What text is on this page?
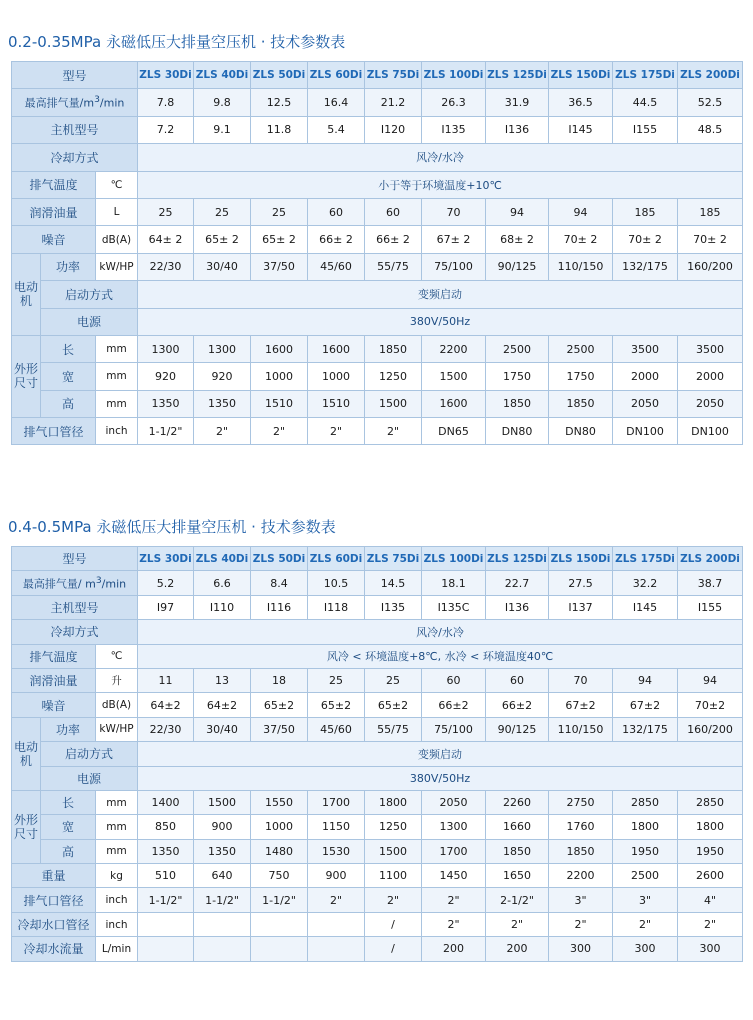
0.2-0.35MPa 永磁低压大排量空压机 · 技术参数表
型号			ZLS 30Di	ZLS 40Di	ZLS 50Di	ZLS 60Di	ZLS 75Di	ZLS 100Di	ZLS 125Di	ZLS 150Di	ZLS 175Di	ZLS 200Di
最高排气量$/m^3/\min$			7.8	9.8	12.5	16.4	21.2	26.3	31.9	36.5	44.5	52.5
主机型号			7.2	9.1	11.8	5.4	I120	I135	I136	I145	I155	48.5
冷却方式			风冷/水冷									
排气温度		℃	小于等于环境温度+10℃									
润滑油量		L	25	25	25	60	60	70	94	94	185	185
噪音		dB(A)	64± 2	65± 2	65± 2	66± 2	66± 2	67± 2	68± 2	70± 2	70± 2	70± 2
电动机	功率	kW/HP	22/30	30/40	37/50	45/60	55/75	75/100	90/125	110/150	132/175	160/200
	启动方式		变频启动									
	电源		380V/50Hz									
外形尺寸	长	mm	1300	1300	1600	1600	1850	2200	2500	2500	3500	3500
	宽	mm	920	920	1000	1000	1250	1500	1750	1750	2000	2000
	高	mm	1350	1350	1510	1510	1500	1600	1850	1850	2050	2050
排气口管径		inch	1-1/2"	2"	2"	2"	2"	DN65	DN80	DN80	DN100	DN100
0.4-0.5MPa 永磁低压大排量空压机 · 技术参数表
型号			ZLS 30Di	ZLS 40Di	ZLS 50Di	ZLS 60Di	ZLS 75Di	ZLS 100Di	ZLS 125Di	ZLS 150Di	ZLS 175Di	ZLS 200Di
最高排气量/ $m^3/\min$			5.2	6.6	8.4	10.5	14.5	18.1	22.7	27.5	32.2	38.7
主机型号			I97	I110	I116	I118	I135	I135C	I136	I137	I145	I155
冷却方式			风冷/水冷									
排气温度		℃	风冷 < 环境温度+8℃, 水冷 < 环境温度40℃									
润滑油量		升	11	13	18	25	25	60	60	70	94	94
噪音		dB(A)	64±2	64±2	65±2	65±2	65±2	66±2	66±2	67±2	67±2	70±2
电动机	功率	kW/HP	22/30	30/40	37/50	45/60	55/75	75/100	90/125	110/150	132/175	160/200
	启动方式		变频启动									
	电源		380V/50Hz									
外形尺寸	长	mm	1400	1500	1550	1700	1800	2050	2260	2750	2850	2850
	宽	mm	850	900	1000	1150	1250	1300	1660	1760	1800	1800
	高	mm	1350	1350	1480	1530	1500	1700	1850	1850	1950	1950
重量		kg	510	640	750	900	1100	1450	1650	2200	2500	2600
排气口管径		inch	1-1/2"	1-1/2"	1-1/2"	2"	2"	2"	2-1/2"	3"	3"	4"
冷却水口管径		inch					/	2"	2"	2"	2"	2"
冷却水流量		L/min					/	200	200	300	300	300
